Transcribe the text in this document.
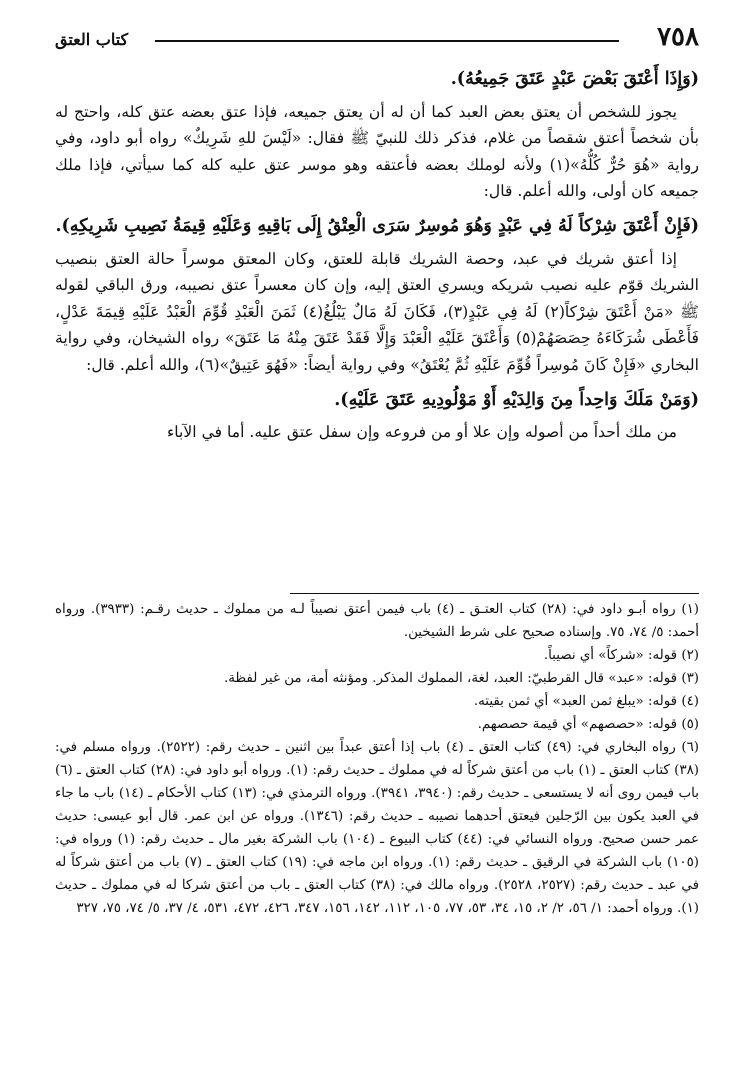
٧٥٨
كتاب العتق

(وَإِذَا أَعْتَقَ بَعْضَ عَبْدٍ عَتَقَ جَمِيعُهُ).

يجوز للشخص أن يعتق بعض العبد كما أن له أن يعتق جميعه، فإذا عتق بعضه عتق كله، واحتج له بأن شخصاً أعتق شقصاً من غلام، فذكر ذلك للنبيّ ﷺ فقال: «لَيْسَ للهِ شَرِيكٌ» رواه أبو داود، وفي رواية «هُوَ حُرٌّ كُلُّهُ»(١) ولأنه لوملك بعضه فأعتقه وهو موسر عتق عليه كله كما سيأتي، فإذا ملك جميعه كان أولى، والله أعلم. قال:

(فَإِنْ أَعْتَقَ شِرْكاً لَهُ فِي عَبْدٍ وَهُوَ مُوسِرٌ سَرَى الْعِتْقُ إِلَى بَاقِيهِ وَعَلَيْهِ قِيمَةُ نَصِيبِ شَرِيكِهِ).

إذا أعتق شريك في عبد، وحصة الشريك قابلة للعتق، وكان المعتق موسراً حالة العتق بنصيب الشريك قوّم عليه نصيب شريكه ويسري العتق إليه، وإن كان معسراً عتق نصيبه، ورق الباقي لقوله ﷺ «مَنْ أَعْتَقَ شِرْكاً(٢) لَهُ فِي عَبْدٍ(٣)، فَكَانَ لَهُ مَالٌ يَبْلُغُ(٤) ثَمَنَ الْعَبْدِ قُوِّمَ الْعَبْدُ عَلَيْهِ قِيمَةَ عَدْلٍ، فَأَعْطَى شُرَكَاءَهُ حِصَصَهُمْ(٥) وَأَعْتَقَ عَلَيْهِ الْعَبْدَ وَإِلَّا فَقَدْ عَتَقَ مِنْهُ مَا عَتَقَ» رواه الشيخان، وفي رواية البخاري «فَإِنْ كَانَ مُوسِراً قُوِّمَ عَلَيْهِ ثُمَّ يُعْتَقُ» وفي رواية أيضاً: «فَهُوَ عَتِيقٌ»(٦)، والله أعلم. قال:

(وَمَنْ مَلَكَ وَاحِداً مِنَ وَالِدَيْهِ أَوْ مَوْلُودِيهِ عَتَقَ عَلَيْهِ).

من ملك أحداً من أصوله وإن علا أو من فروعه وإن سفل عتق عليه. أما في الآباء

(١) رواه أبـو داود في: (٢٨) كتاب العتـق ـ (٤) باب فيمن أعتق نصيباً لـه من مملوك ـ حديث رقـم: (٣٩٣٣). ورواه أحمد: ٥/ ٧٤، ٧٥. وإسناده صحيح على شرط الشيخين.

(٢) قوله: «شركاً» أي نصيباً.

(٣) قوله: «عبد» قال القرطبيّ: العبد، لغة، المملوك المذكر. ومؤنثه أمة، من غير لفظة.

(٤) قوله: «يبلغ ثمن العبد» أي ثمن بقيته.

(٥) قوله: «حصصهم» أي قيمة حصصهم.

(٦) رواه البخاري في: (٤٩) كتاب العتق ـ (٤) باب إذا أعتق عبداً بين اثنين ـ حديث رقم: (٢٥٢٢). ورواه مسلم في: (٣٨) كتاب العتق ـ (١) باب من أعتق شركاً له في مملوك ـ حديث رقم: (١). ورواه أبو داود في: (٢٨) كتاب العتق ـ (٦) باب فيمن روى أنه لا يستسعى ـ حديث رقم: (٣٩٤٠، ٣٩٤١). ورواه الترمذي في: (١٣) كتاب الأحكام ـ (١٤) باب ما جاء في العبد يكون بين الرّجلين فيعتق أحدهما نصيبه ـ حديث رقم: (١٣٤٦). ورواه عن ابن عمر. قال أبو عيسى: حديث عمر حسن صحيح. ورواه النسائي في: (٤٤) كتاب البيوع ـ (١٠٤) باب الشركة بغير مال ـ حديث رقم: (١) ورواه في: (١٠٥) باب الشركة في الرقيق ـ حديث رقم: (١). ورواه ابن ماجه في: (١٩) كتاب العتق ـ (٧) باب من أعتق شركاً له في عبد ـ حديث رقم: (٢٥٢٧، ٢٥٢٨). ورواه مالك في: (٣٨) كتاب العتق ـ باب من أعتق شركا له في مملوك ـ حديث (١). ورواه أحمد: ١/ ٥٦، ٢/ ٢، ١٥، ٣٤، ٥٣، ٧٧، ١٠٥، ١١٢، ١٤٢، ١٥٦، ٣٤٧، ٤٢٦، ٤٧٢، ٥٣١، ٤/ ٣٧، ٥/ ٧٤، ٧٥، ٣٢٧
